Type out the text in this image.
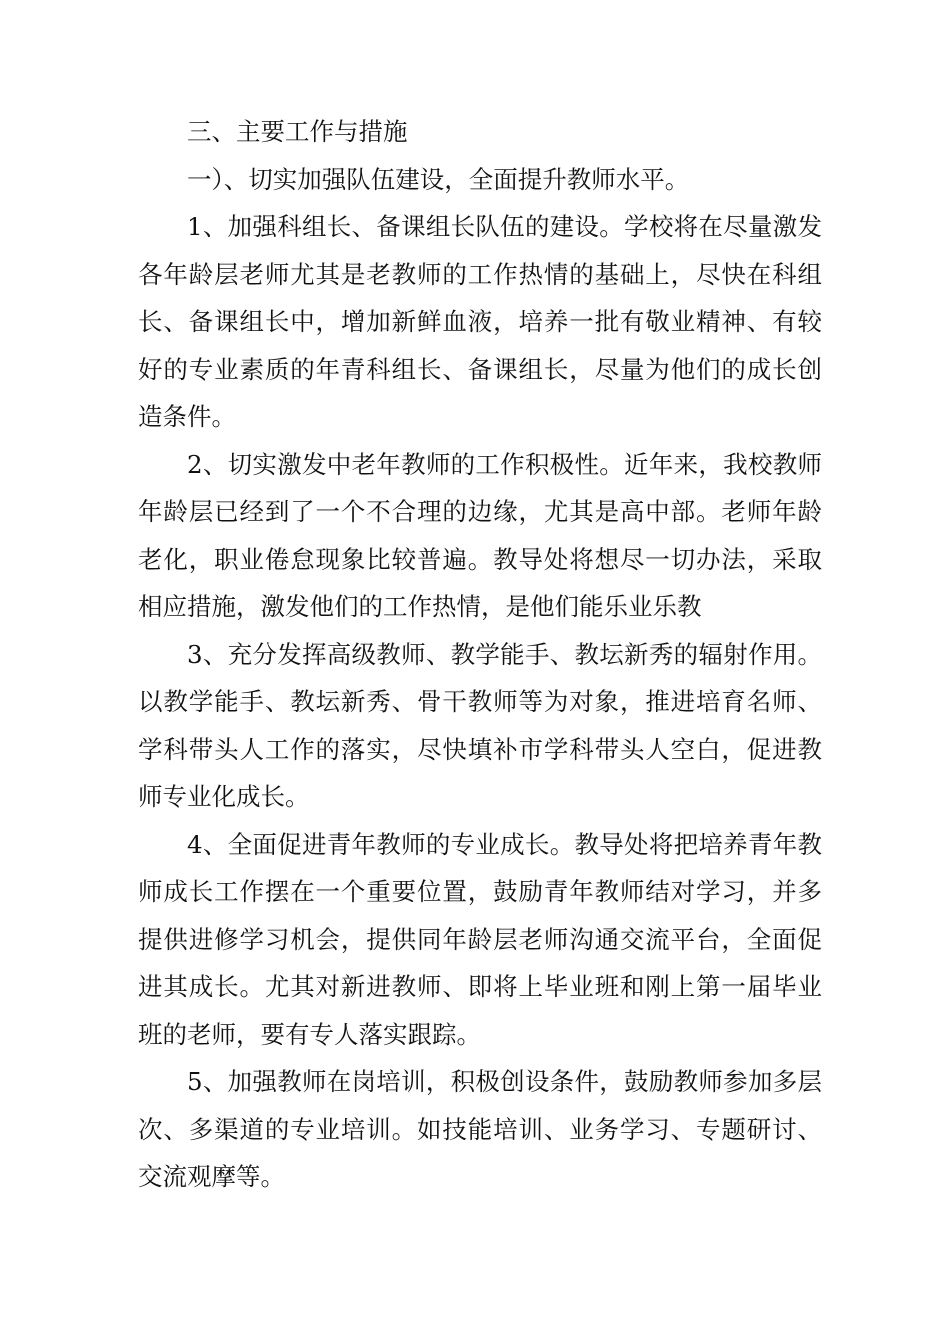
三、主要工作与措施

一）、切实加强队伍建设，全面提升教师水平。

1、加强科组长、备课组长队伍的建设。学校将在尽量激发各年龄层老师尤其是老教师的工作热情的基础上，尽快在科组长、备课组长中，增加新鲜血液，培养一批有敬业精神、有较好的专业素质的年青科组长、备课组长，尽量为他们的成长创造条件。

2、切实激发中老年教师的工作积极性。近年来，我校教师年龄层已经到了一个不合理的边缘，尤其是高中部。老师年龄老化，职业倦怠现象比较普遍。教导处将想尽一切办法，采取相应措施，激发他们的工作热情，是他们能乐业乐教

3、充分发挥高级教师、教学能手、教坛新秀的辐射作用。以教学能手、教坛新秀、骨干教师等为对象，推进培育名师、学科带头人工作的落实，尽快填补市学科带头人空白，促进教师专业化成长。

4、全面促进青年教师的专业成长。教导处将把培养青年教师成长工作摆在一个重要位置，鼓励青年教师结对学习，并多提供进修学习机会，提供同年龄层老师沟通交流平台，全面促进其成长。尤其对新进教师、即将上毕业班和刚上第一届毕业班的老师，要有专人落实跟踪。

5、加强教师在岗培训，积极创设条件，鼓励教师参加多层次、多渠道的专业培训。如技能培训、业务学习、专题研讨、交流观摩等。
